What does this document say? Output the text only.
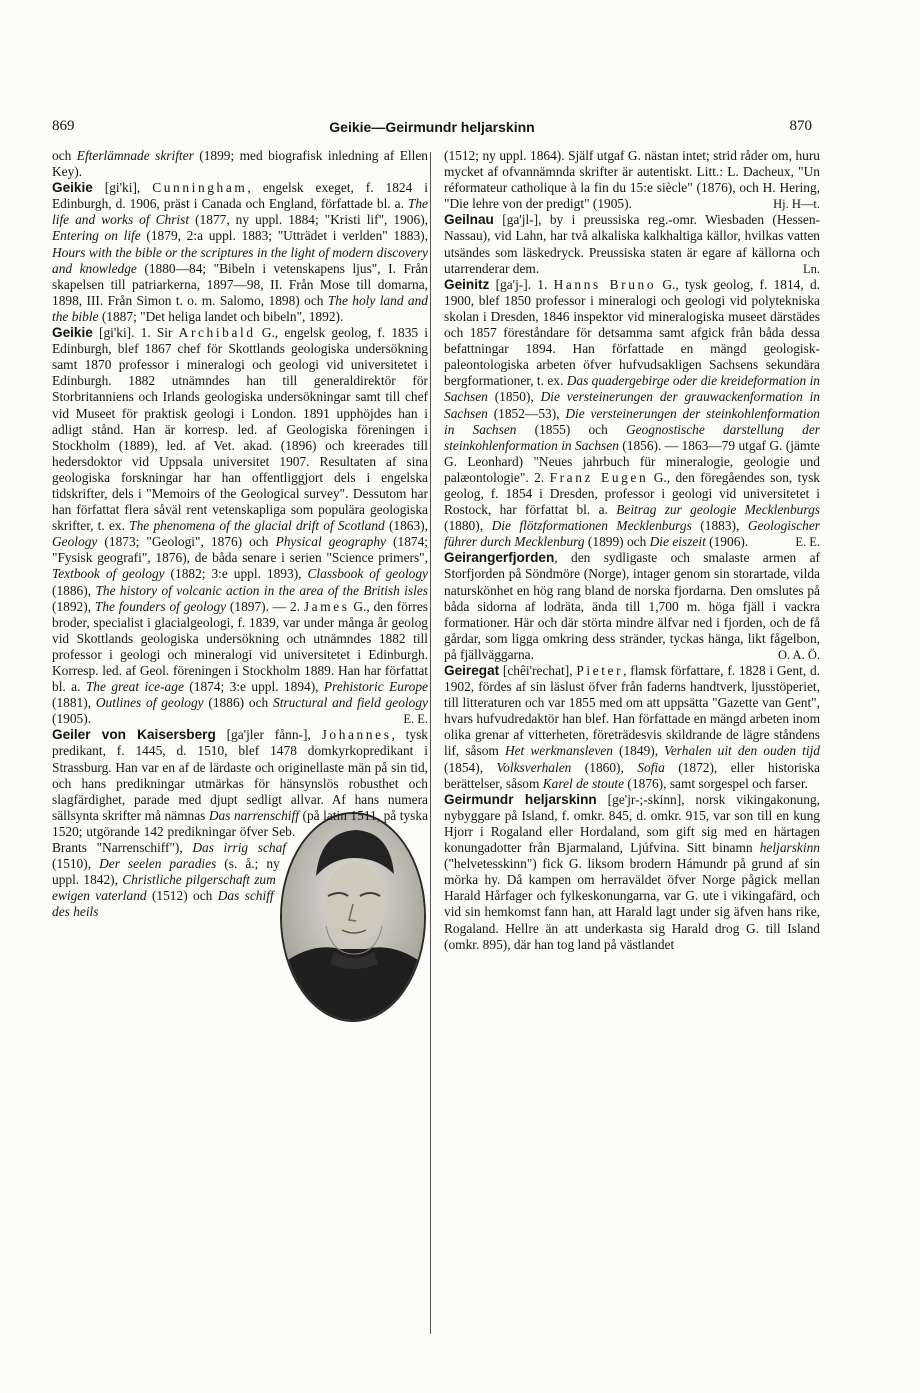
869	Geikie—Geirmundr heljarskinn	870

och Efterlämnade skrifter (1899; med biografisk inledning af Ellen Key).

Geikie [gi'ki], Cunningham, engelsk exeget, f. 1824 i Edinburgh, d. 1906, präst i Canada och England, författade bl. a. The life and works of Christ (1877, ny uppl. 1884; "Kristi lif", 1906), Entering on life (1879, 2:a uppl. 1883; "Utträdet i verlden" 1883), Hours with the bible or the scriptures in the light of modern discovery and knowledge (1880—84; "Bibeln i vetenskapens ljus", I. Från skapelsen till patriarkerna, 1897—98, II. Från Mose till domarna, 1898, III. Från Simon t. o. m. Salomo, 1898) och The holy land and the bible (1887; "Det heliga landet och bibeln", 1892).

Geikie [gi'ki]. 1. Sir Archibald G., engelsk geolog, f. 1835 i Edinburgh, blef 1867 chef för Skottlands geologiska undersökning samt 1870 professor i mineralogi och geologi vid universitetet i Edinburgh. 1882 utnämndes han till generaldirektör för Storbritanniens och Irlands geologiska undersökningar samt till chef vid Museet för praktisk geologi i London. 1891 upphöjdes han i adligt stånd. Han är korresp. led. af Geologiska föreningen i Stockholm (1889), led. af Vet. akad. (1896) och kreerades till hedersdoktor vid Uppsala universitet 1907. Resultaten af sina geologiska forskningar har han offentliggjort dels i engelska tidskrifter, dels i "Memoirs of the Geological survey". Dessutom har han författat flera såväl rent vetenskapliga som populära geologiska skrifter, t. ex. The phenomena of the glacial drift of Scotland (1863), Geology (1873; "Geologi", 1876) och Physical geography (1874; "Fysisk geografi", 1876), de båda senare i serien "Science primers", Textbook of geology (1882; 3:e uppl. 1893), Classbook of geology (1886), The history of volcanic action in the area of the British isles (1892), The founders of geology (1897). — 2. James G., den förres broder, specialist i glacialgeologi, f. 1839, var under många år geolog vid Skottlands geologiska undersökning och utnämndes 1882 till professor i geologi och mineralogi vid universitetet i Edinburgh. Korresp. led. af Geol. föreningen i Stockholm 1889. Han har författat bl. a. The great ice-age (1874; 3:e uppl. 1894), Prehistoric Europe (1881), Outlines of geology (1886) och Structural and field geology (1905).	E. E.

Geiler von Kaisersberg [ga'jler fånn-], Johannes, tysk predikant, f. 1445, d. 1510, blef 1478 domkyrkopredikant i Strassburg. Han var en af de lärdaste och originellaste män på sin tid, och hans predikningar utmärkas för hänsynslös robusthet och slagfärdighet, parade med djupt sedligt allvar. Af hans numera sällsynta skrifter må nämnas
Das narrenschiff (på latin 1511, på tyska 1520; utgörande 142 predikningar öfver Seb. Brants "Narrenschiff"), Das irrig schaf (1510), Der seelen paradies (s. å.; ny uppl. 1842), Christliche pilgerschaft zum ewigen vaterland (1512) och Das schiff des heils

(1512; ny uppl. 1864). Själf utgaf G. nästan intet; strid råder om, huru mycket af ofvannämnda skrifter är autentiskt. Litt.: L. Dacheux, "Un réformateur catholique à la fin du 15:e siècle" (1876), och H. Hering, "Die lehre von der predigt" (1905).	Hj. H—t.

Geilnau [ga'jl-], by i preussiska reg.-omr. Wiesbaden (Hessen-Nassau), vid Lahn, har två alkaliska kalkhaltiga källor, hvilkas vatten utsändes som läskedryck. Preussiska staten är egare af källorna och utarrenderar dem.	Ln.

Geinitz [ga'j-]. 1. Hanns Bruno G., tysk geolog, f. 1814, d. 1900, blef 1850 professor i mineralogi och geologi vid polytekniska skolan i Dresden, 1846 inspektor vid mineralogiska museet därstädes och 1857 föreståndare för detsamma samt afgick från båda dessa befattningar 1894. Han författade en mängd geologisk-paleontologiska arbeten öfver hufvudsakligen Sachsens sekundära bergformationer, t. ex. Das quadergebirge oder die kreideformation in Sachsen (1850), Die versteinerungen der grauwackenformation in Sachsen (1852—53), Die versteinerungen der steinkohlenformation in Sachsen (1855) och Geognostische darstellung der steinkohlenformation in Sachsen (1856). — 1863—79 utgaf G. (jämte G. Leonhard) "Neues jahrbuch für mineralogie, geologie und palæontologie". 2. Franz Eugen G., den föregåendes son, tysk geolog, f. 1854 i Dresden, professor i geologi vid universitetet i Rostock, har författat bl. a. Beitrag zur geologie Mecklenburgs (1880), Die flötzformationen Mecklenburgs (1883), Geologischer führer durch Mecklenburg (1899) och Die eiszeit (1906).	E. E.

Geirangerfjorden, den sydligaste och smalaste armen af Storfjorden på Söndmöre (Norge), intager genom sin storartade, vilda naturskönhet en hög rang bland de norska fjordarna. Den omslutes på båda sidorna af lodräta, ända till 1,700 m. höga fjäll i vackra formationer. Här och där störta mindre älfvar ned i fjorden, och de få gårdar, som ligga omkring dess stränder, tyckas hänga, likt fågelbon, på fjällväggarna.	O. A. Ö.

Geiregat [chêi'rechat], Pieter, flamsk författare, f. 1828 i Gent, d. 1902, fördes af sin läslust öfver från faderns handtverk, ljusstöperiet, till litteraturen och var 1855 med om att uppsätta "Gazette van Gent", hvars hufvudredaktör han blef. Han författade en mängd arbeten inom olika grenar af vitterheten, företrädesvis skildrande de lägre ståndens lif, såsom Het werkmansleven (1849), Verhalen uit den ouden tijd (1854), Volksverhalen (1860), Sofia (1872), eller historiska berättelser, såsom Karel de stoute (1876), samt sorgespel och farser.

Geirmundr heljarskinn [ge'jr-;-skinn], norsk vikingakonung, nybyggare på Island, f. omkr. 845, d. omkr. 915, var son till en kung Hjorr i Rogaland eller Hordaland, som gift sig med en härtagen konungadotter från Bjarmaland, Ljúfvina. Sitt binamn heljarskinn ("helvetesskinn") fick G. liksom brodern Hámundr på grund af sin mörka hy. Då kampen om herraväldet öfver Norge pågick mellan Harald Hårfager och fylkeskonungarna, var G. ute i vikingafärd, och vid sin hemkomst fann han, att Harald lagt under sig äfven hans rike, Rogaland. Hellre än att underkasta sig Harald drog G. till Island (omkr. 895), där han tog land på västlandet
